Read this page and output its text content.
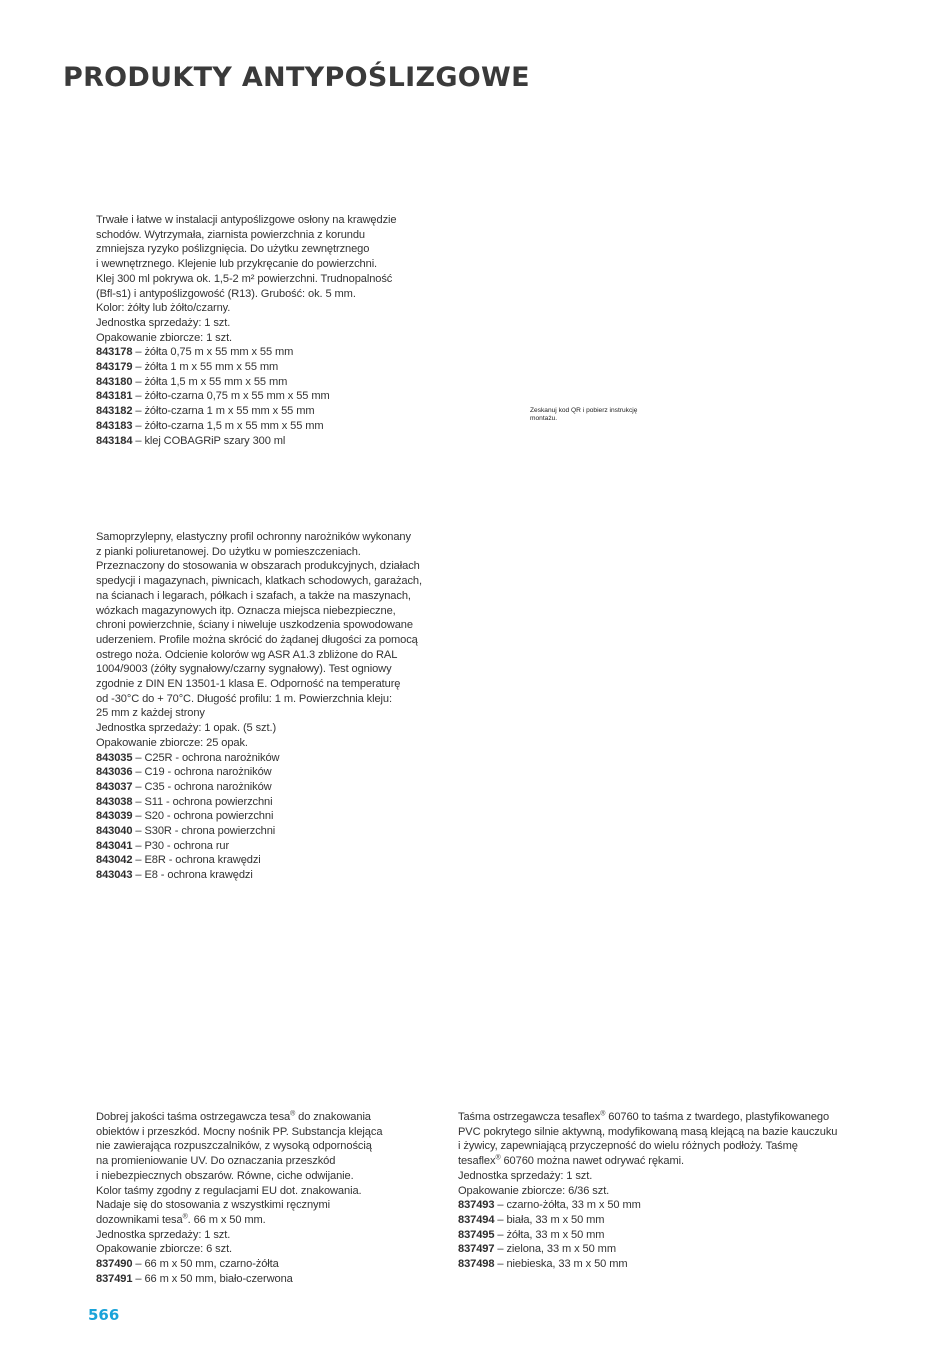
PRODUKTY ANTYPOŚLIZGOWE

Trwałe i łatwe w instalacji antypoślizgowe osłony na krawędzie
schodów. Wytrzymała, ziarnista powierzchnia z korundu
zmniejsza ryzyko poślizgnięcia. Do użytku zewnętrznego
i wewnętrznego. Klejenie lub przykręcanie do powierzchni.
Klej 300 ml pokrywa ok. 1,5-2 m² powierzchni. Trudnopalność
(Bfl-s1) i antypoślizgowość (R13). Grubość: ok. 5 mm.
Kolor: żółty lub żółto/czarny.
Jednostka sprzedaży: 1 szt.
Opakowanie zbiorcze: 1 szt.

843178 – żółta 0,75 m x 55 mm x 55 mm
843179 – żółta 1 m x 55 mm x 55 mm
843180 – żółta 1,5 m x 55 mm x 55 mm
843181 – żółto-czarna 0,75 m x 55 mm x 55 mm
843182 – żółto-czarna 1 m x 55 mm x 55 mm
843183 – żółto-czarna 1,5 m x 55 mm x 55 mm
843184 – klej COBAGRiP szary 300 ml
Zeskanuj kod QR i pobierz instrukcję montażu.

Samoprzylepny, elastyczny profil ochronny narożników wykonany
z pianki poliuretanowej. Do użytku w pomieszczeniach.
Przeznaczony do stosowania w obszarach produkcyjnych, działach
spedycji i magazynach, piwnicach, klatkach schodowych, garażach,
na ścianach i legarach, półkach i szafach, a także na maszynach,
wózkach magazynowych itp. Oznacza miejsca niebezpieczne,
chroni powierzchnie, ściany i niweluje uszkodzenia spowodowane
uderzeniem. Profile można skrócić do żądanej długości za pomocą
ostrego noża. Odcienie kolorów wg ASR A1.3 zbliżone do RAL
1004/9003 (żółty sygnałowy/czarny sygnałowy). Test ogniowy
zgodnie z DIN EN 13501-1 klasa E. Odporność na temperaturę
od -30°C do + 70°C. Długość profilu: 1 m. Powierzchnia kleju:
25 mm z każdej strony
Jednostka sprzedaży: 1 opak. (5 szt.)
Opakowanie zbiorcze: 25 opak.

843035 – C25R - ochrona narożników
843036 – C19 - ochrona narożników
843037 – C35 - ochrona narożników
843038 – S11 - ochrona powierzchni
843039 – S20 - ochrona powierzchni
843040 – S30R - chrona powierzchni
843041 – P30 - ochrona rur
843042 – E8R - ochrona krawędzi
843043 – E8 - ochrona krawędzi

Dobrej jakości taśma ostrzegawcza tesa® do znakowania
obiektów i przeszkód. Mocny nośnik PP. Substancja klejąca
nie zawierająca rozpuszczalników, z wysoką odpornością
na promieniowanie UV. Do oznaczania przeszkód
i niebezpiecznych obszarów. Równe, ciche odwijanie.
Kolor taśmy zgodny z regulacjami EU dot. znakowania.
Nadaje się do stosowania z wszystkimi ręcznymi
dozownikami tesa®. 66 m x 50 mm.
Jednostka sprzedaży: 1 szt.
Opakowanie zbiorcze: 6 szt.

837490 – 66 m x 50 mm, czarno-żółta
837491 – 66 m x 50 mm, biało-czerwona

Taśma ostrzegawcza tesaflex® 60760 to taśma z twardego, plastyfikowanego
PVC pokrytego silnie aktywną, modyfikowaną masą klejącą na bazie kauczuku
i żywicy, zapewniającą przyczepność do wielu różnych podłoży. Taśmę
tesaflex® 60760 można nawet odrywać rękami.
Jednostka sprzedaży: 1 szt.
Opakowanie zbiorcze: 6/36 szt.

837493 – czarno-żółta, 33 m x 50 mm
837494 – biała, 33 m x 50 mm
837495 – żółta, 33 m x 50 mm
837497 – zielona, 33 m x 50 mm
837498 – niebieska, 33 m x 50 mm
566
